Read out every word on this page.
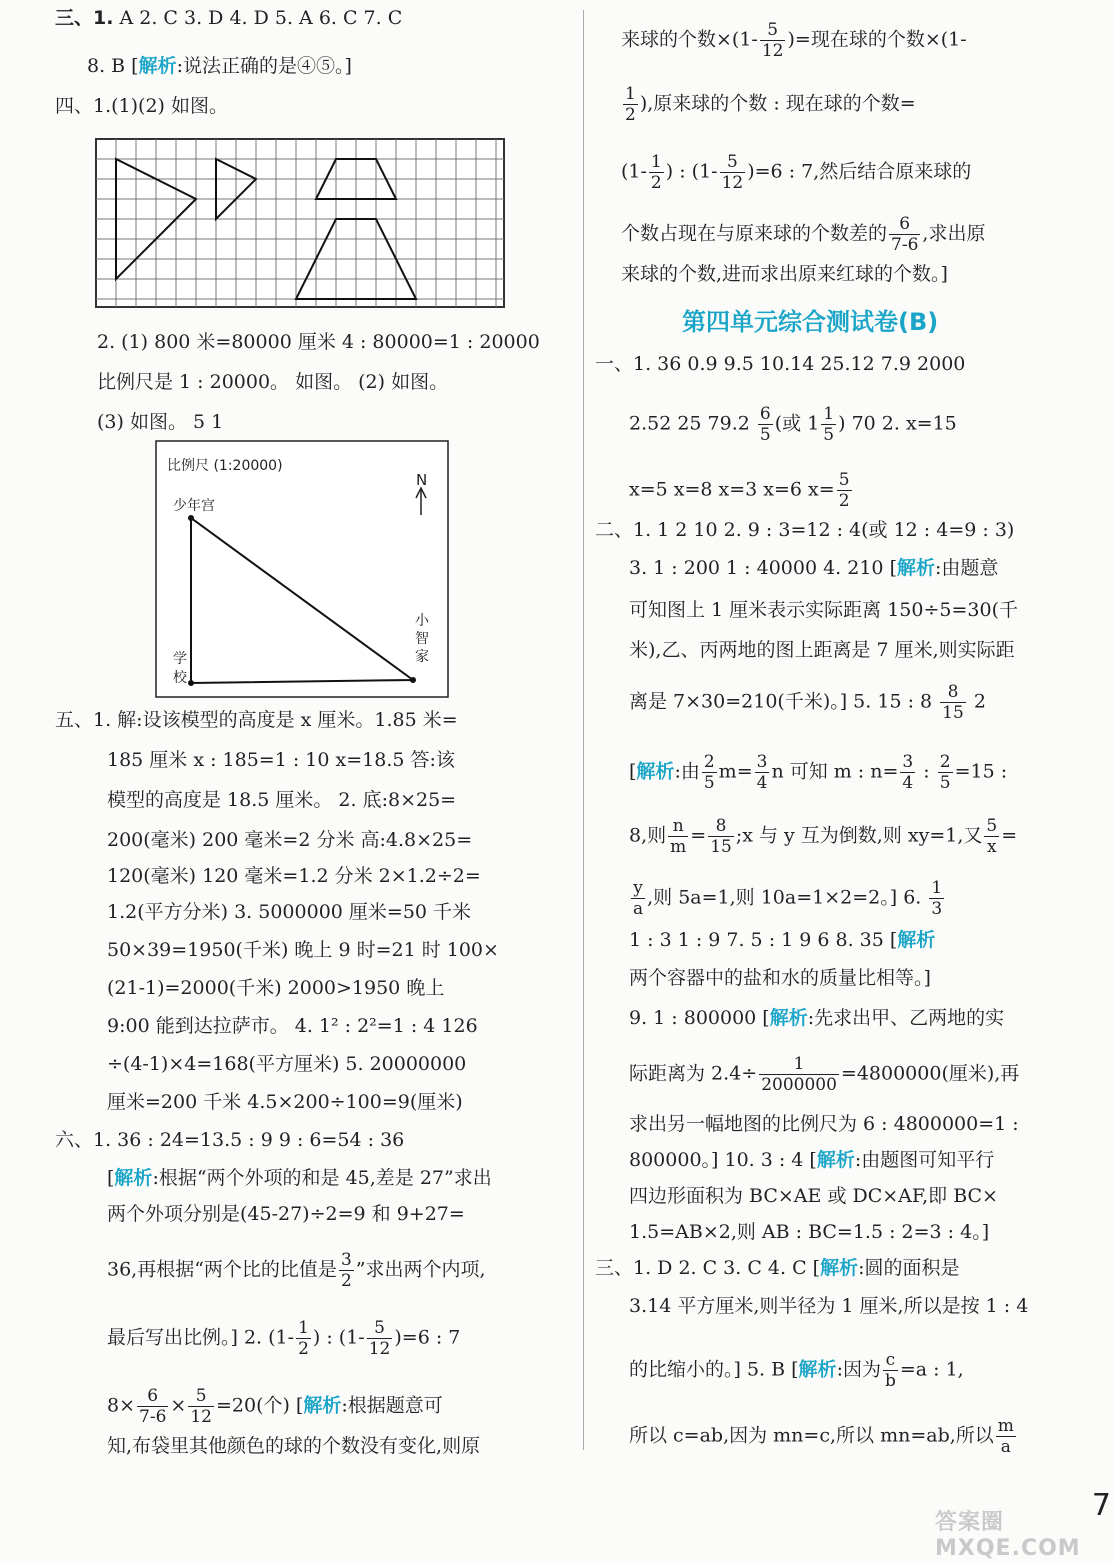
三、1. A 2. C 3. D 4. D 5. A 6. C 7. C
8. B [解析:说法正确的是④⑤。]
四、1.(1)(2) 如图。
2. (1) 800 米=80000 厘米 4 : 80000=1 : 20000
比例尺是 1 : 20000。 如图。 (2) 如图。
(3) 如图。 5 1
比例尺 (1:20000)
N
少年宫
学
校
小
智
家
五、1. 解:设该模型的高度是 x 厘米。1.85 米=
185 厘米 x : 185=1 : 10 x=18.5 答:该
模型的高度是 18.5 厘米。 2. 底:8×25=
200(毫米) 200 毫米=2 分米 高:4.8×25=
120(毫米) 120 毫米=1.2 分米 2×1.2÷2=
1.2(平方分米) 3. 5000000 厘米=50 千米
50×39=1950(千米) 晚上 9 时=21 时 100×
(21-1)=2000(千米) 2000>1950 晚上
9:00 能到达拉萨市。 4. 1² : 2²=1 : 4 126
÷(4-1)×4=168(平方厘米) 5. 20000000
厘米=200 千米 4.5×200÷100=9(厘米)
六、1. 36 : 24=13.5 : 9 9 : 6=54 : 36
[解析:根据“两个外项的和是 45,差是 27”求出
两个外项分别是(45-27)÷2=9 和 9+27=
36,再根据“两个比的比值是 $\frac{3}{2}$ ”求出两个内项,
最后写出比例。] 2. ($1- \frac{1}{2}$ ) : $(1- \frac{5}{12} )=6$ : 7
$8\times \frac{6}{7-6} \times \frac{5}{12} =20$(个) [解析:根据题意可
知,布袋里其他颜色的球的个数没有变化,则原
来球的个数$\times(1- \frac{5}{12}$ )=现在球的个数×(1-
$\frac{1}{2}$ ),原来球的个数 : 现在球的个数=
($1- \frac{1}{2}$ ) : $(1- \frac{5}{12} )=6$ : 7,然后结合原来球的
个数占现在与原来球的个数差的 $\frac{6}{7-6}$ ,求出原
来球的个数,进而求出原来红球的个数。]
一、1. 36 0.9 9.5 10.14 25.12 7.9 2000
2.52 25 $79.2 \frac{6}{5}$ (或 $1 \frac{1}{5}$ ) 70 2. x=15
x=5 x=8 x=3 x=6 $x= \frac{5}{2}$
二、1. 1 2 10 2. 9 : 3=12 : 4(或 12 : 4=9 : 3)
3. 1 : 200 1 : 40000 4. 210 [解析:由题意
可知图上 1 厘米表示实际距离 150÷5=30(千
米),乙、丙两地的图上距离是 7 厘米,则实际距
离是 7×30=210(千米)。] 5. 15 : $8 \frac{8}{15} 2$
[解析:由 $\frac{2}{5} m= \frac{3}{4}$ n 可知 m : $n= \frac{3}{4}$ : $\frac{2}{5} =15$ :
8,则 $\frac{n}{m} = \frac{8}{15}$ ;x 与 y 互为倒数,则 xy=1,又 $\frac{5}{x}$ =
$\frac{y}{a}$ ,则 5a=1,则 10a=1×2=2。] 6. $\frac{1}{3}$
1 : 3 1 : 9 7. 5 : 1 9 6 8. 35 [解析
两个容器中的盐和水的质量比相等。]
9. 1 : 800000 [解析:先求出甲、乙两地的实
际距离为 $2.4\div \frac{1}{2000000} =4800000$(厘米),再
求出另一幅地图的比例尺为 6 : 4800000=1 :
800000。] 10. 3 : 4 [解析:由题图可知平行
四边形面积为 BC×AE 或 DC×AF,即 BC×
1.5=AB×2,则 AB : BC=1.5 : 2=3 : 4。]
三、1. D 2. C 3. C 4. C [解析:圆的面积是
3.14 平方厘米,则半径为 1 厘米,所以是按 1 : 4
的比缩小的。] 5. B [解析:因为 $\frac{c}{b} =a$ : 1,
所以 c=ab,因为 mn=c,所以 mn=ab,所以 $\frac{m}{a}$
第四单元综合测试卷(B)
7
答案圈 MXQE.COM
